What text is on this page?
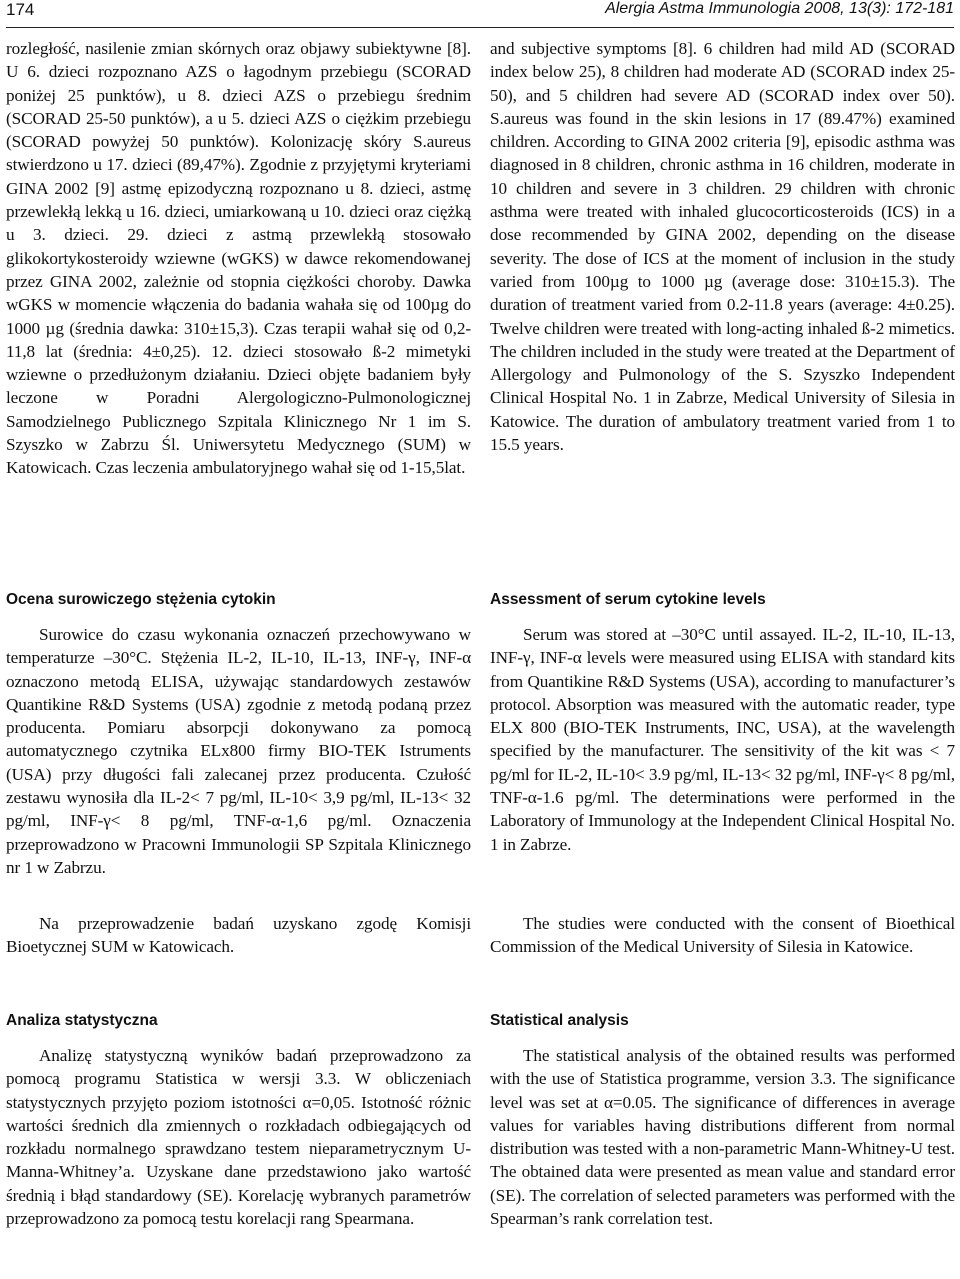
174	Alergia Astma Immunologia 2008, 13(3): 172-181

rozległość, nasilenie zmian skórnych oraz objawy subiektywne [8]. U 6. dzieci rozpoznano AZS o łagodnym przebiegu (SCORAD poniżej 25 punktów), u 8. dzieci AZS o przebiegu średnim (SCORAD 25-50 punktów), a u 5. dzieci AZS o ciężkim przebiegu (SCORAD powyżej 50 punktów). Kolonizację skóry S.aureus stwierdzono u 17. dzieci (89,47%). Zgodnie z przyjętymi kryteriami GINA 2002 [9] astmę epizodyczną rozpoznano u 8. dzieci, astmę przewlekłą lekką u 16. dzieci, umiarkowaną u 10. dzieci oraz ciężką u 3. dzieci. 29. dzieci z astmą przewlekłą stosowało glikokortykosteroidy wziewne (wGKS) w dawce rekomendowanej przez GINA 2002, zależnie od stopnia ciężkości choroby. Dawka wGKS w momencie włączenia do badania wahała się od 100µg do 1000 µg (średnia dawka: 310±15,3). Czas terapii wahał się od 0,2-11,8 lat (średnia: 4±0,25). 12. dzieci stosowało ß-2 mimetyki wziewne o przedłużonym działaniu. Dzieci objęte badaniem były leczone w Poradni Alergologiczno-Pulmonologicznej Samodzielnego Publicznego Szpitala Klinicznego Nr 1 im S. Szyszko w Zabrzu Śl. Uniwersytetu Medycznego (SUM) w Katowicach. Czas leczenia ambulatoryjnego wahał się od 1-15,5lat.

Ocena surowiczego stężenia cytokin

Surowice do czasu wykonania oznaczeń przechowywano w temperaturze –30°C. Stężenia IL-2, IL-10, IL-13, INF-γ, INF-α oznaczono metodą ELISA, używając standardowych zestawów Quantikine R&D Systems (USA) zgodnie z metodą podaną przez producenta. Pomiaru absorpcji dokonywano za pomocą automatycznego czytnika ELx800 firmy BIO-TEK Istruments (USA) przy długości fali zalecanej przez producenta. Czułość zestawu wynosiła dla IL-2< 7 pg/ml, IL-10< 3,9 pg/ml, IL-13< 32 pg/ml, INF-γ< 8 pg/ml, TNF-α-1,6 pg/ml. Oznaczenia przeprowadzono w Pracowni Immunologii SP Szpitala Klinicznego nr 1 w Zabrzu.

Na przeprowadzenie badań uzyskano zgodę Komisji Bioetycznej SUM w Katowicach.

Analiza statystyczna

Analizę statystyczną wyników badań przeprowadzono za pomocą programu Statistica w wersji 3.3. W obliczeniach statystycznych przyjęto poziom istotności α=0,05. Istotność różnic wartości średnich dla zmiennych o rozkładach odbiegających od rozkładu normalnego sprawdzano testem nieparametrycznym U-Manna-Whitney’a. Uzyskane dane przedstawiono jako wartość średnią i błąd standardowy (SE). Korelację wybranych parametrów przeprowadzono za pomocą testu korelacji rang Spearmana.

and subjective symptoms [8]. 6 children had mild AD (SCORAD index below 25), 8 children had moderate AD (SCORAD index 25-50), and 5 children had severe AD (SCORAD index over 50). S.aureus was found in the skin lesions in 17 (89.47%) examined children. According to GINA 2002 criteria [9], episodic asthma was diagnosed in 8 children, chronic asthma in 16 children, moderate in 10 children and severe in 3 children. 29 children with chronic asthma were treated with inhaled glucocorticosteroids (ICS) in a dose recommended by GINA 2002, depending on the disease severity. The dose of ICS at the moment of inclusion in the study varied from 100µg to 1000 µg (average dose: 310±15.3). The duration of treatment varied from 0.2-11.8 years (average: 4±0.25). Twelve children were treated with long-acting inhaled ß-2 mimetics. The children included in the study were treated at the Department of Allergology and Pulmonology of the S. Szyszko Independent Clinical Hospital No. 1 in Zabrze, Medical University of Silesia in Katowice. The duration of ambulatory treatment varied from 1 to 15.5 years.

Assessment of serum cytokine levels

Serum was stored at –30°C until assayed. IL-2, IL-10, IL-13, INF-γ, INF-α levels were measured using ELISA with standard kits from Quantikine R&D Systems (USA), according to manufacturer’s protocol. Absorption was measured with the automatic reader, type ELX 800 (BIO-TEK Instruments, INC, USA), at the wavelength specified by the manufacturer. The sensitivity of the kit was < 7 pg/ml for IL-2, IL-10< 3.9 pg/ml, IL-13< 32 pg/ml, INF-γ< 8 pg/ml, TNF-α-1.6 pg/ml. The determinations were performed in the Laboratory of Immunology at the Independent Clinical Hospital No. 1 in Zabrze.

The studies were conducted with the consent of Bioethical Commission of the Medical University of Silesia in Katowice.

Statistical analysis

The statistical analysis of the obtained results was performed with the use of Statistica programme, version 3.3. The significance level was set at α=0.05. The significance of differences in average values for variables having distributions different from normal distribution was tested with a non-parametric Mann-Whitney-U test. The obtained data were presented as mean value and standard error (SE). The correlation of selected parameters was performed with the Spearman’s rank correlation test.
